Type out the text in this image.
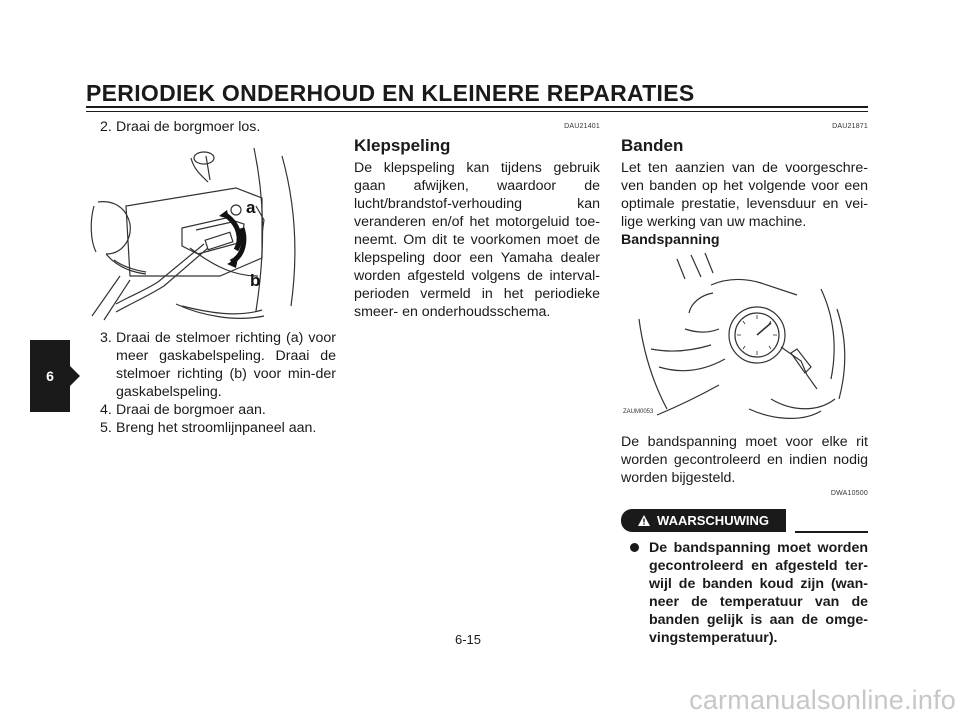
PERIODIEK ONDERHOUD EN KLEINERE REPARATIES
6

2. Draai de borgmoer los.

a
b

3. Draai de stelmoer richting (a) voor meer gaskabelspeling. Draai de stelmoer richting (b) voor min-der gaskabelspeling.

4. Draai de borgmoer aan.

5. Breng het stroomlijnpaneel aan.

DAU21401
Klepspeling

De klepspeling kan tijdens gebruik gaan afwijken, waardoor de lucht/brandstof-verhouding kan veranderen en/of het motorgeluid toe-neemt. Om dit te voorkomen moet de klepspeling door een Yamaha dealer worden afgesteld volgens de interval-perioden vermeld in het periodieke smeer- en onderhoudsschema.

DAU21871
Banden

Let ten aanzien van de voorgeschre-ven banden op het volgende voor een optimale prestatie, levensduur en vei-lige werking van uw machine.

Bandspanning

ZAUM0053

De bandspanning moet voor elke rit worden gecontroleerd en indien nodig worden bijgesteld.

DWA10500
WAARSCHUWING
De bandspanning moet worden gecontroleerd en afgesteld ter-wijl de banden koud zijn (wan-neer de temperatuur van de banden gelijk is aan de omge-vingstemperatuur).
6-15
carmanualsonline.info
